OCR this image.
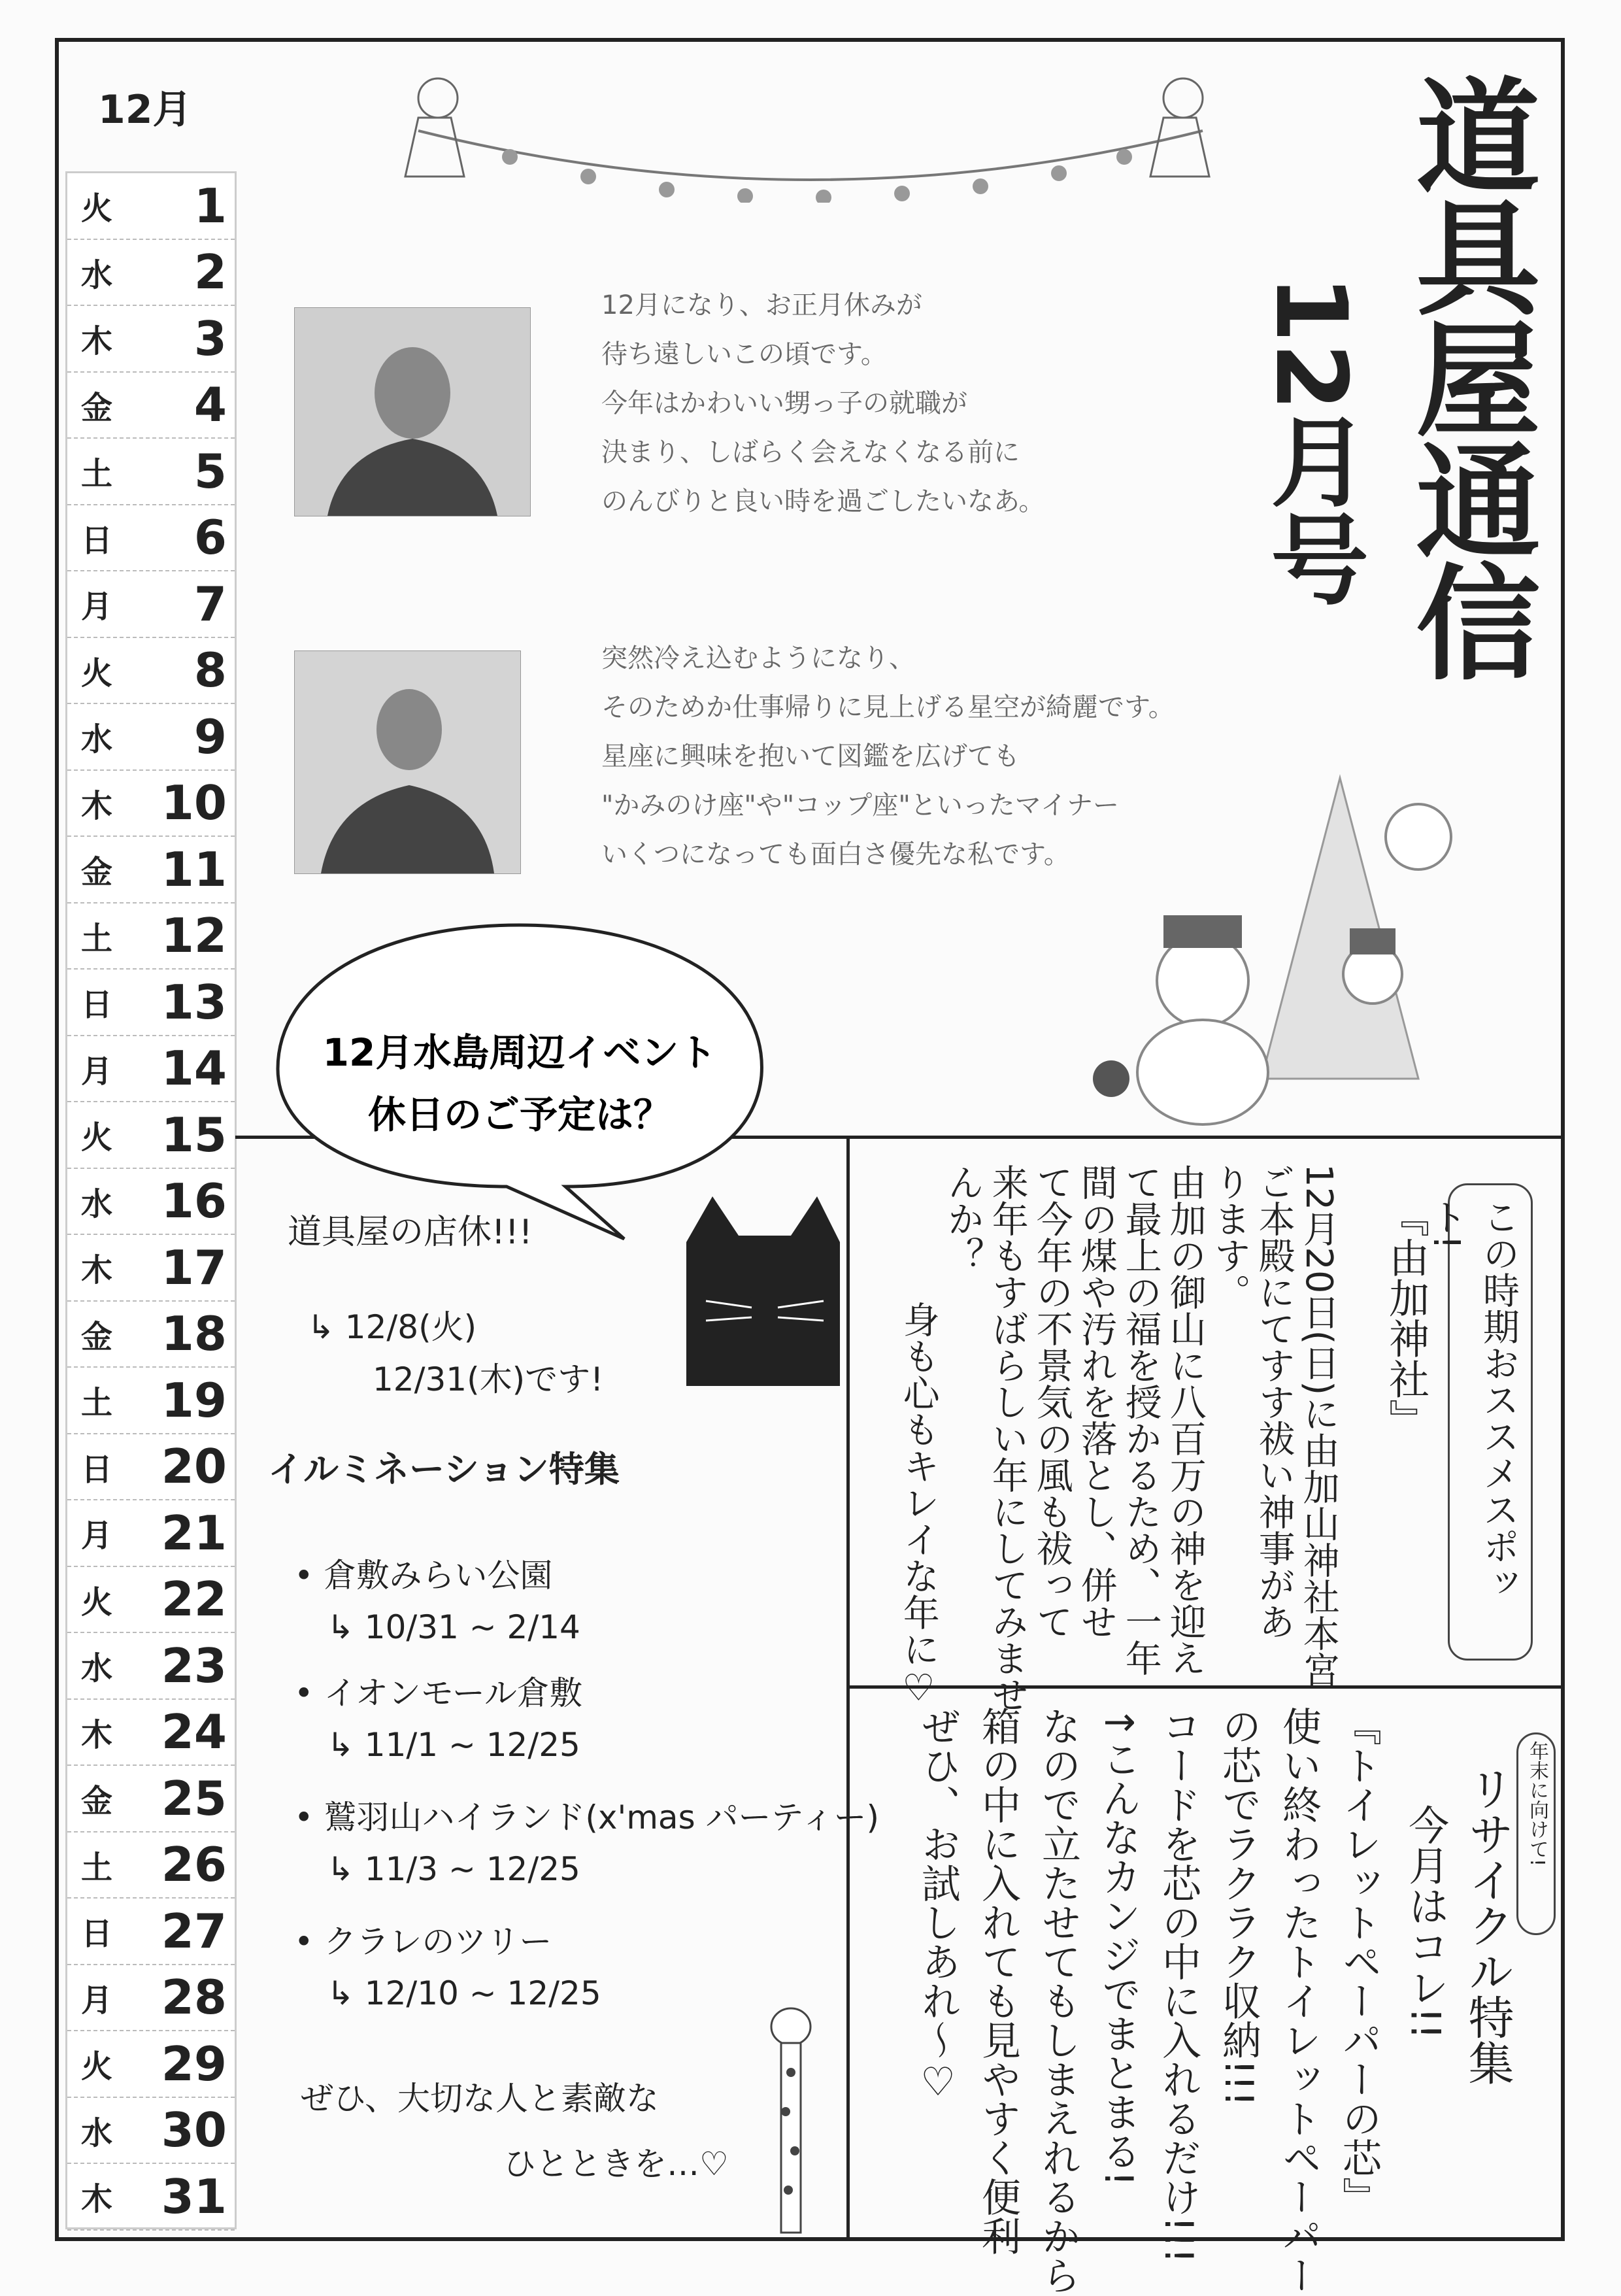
12月
火	1
水	2
木	3
金	4
土	5
日	6
月	7
火	8
水	9
木	10
金	11
土	12
日	13
月	14
火	15
水	16
木	17
金	18
土	19
日	20
月	21
火	22
水	23
木	24
金	25
土	26
日	27
月	28
火	29
水	30
木	31
道具屋通信
12月号
12月になり、お正月休みが
待ち遠しいこの頃です。
今年はかわいい甥っ子の就職が
決まり、しばらく会えなくなる前に
のんびりと良い時を過ごしたいなあ。
突然冷え込むようになり、
そのためか仕事帰りに見上げる星空が綺麗です。
星座に興味を抱いて図鑑を広げても
"かみのけ座"や"コップ座"といったマイナー
いくつになっても面白さ優先な私です。
12月水島周辺イベント
休日のご予定は？
道具屋の店休!!!
↳ 12/8(火)
12/31(木)です!
イルミネーション特集
• 倉敷みらい公園
↳ 10/31 ~ 2/14
• イオンモール倉敷
↳ 11/1 ~ 12/25
• 鷲羽山ハイランド(x'mas パーティー)
↳ 11/3 ~ 12/25
• クラレのツリー
↳ 12/10 ~ 12/25
ぜひ、大切な人と素敵な
ひとときを…♡
この時期おススメスポット!
『由加神社』
12月20日(日)に由加山神社本宮
ご本殿にてすす祓い神事があ
ります。
由加の御山に八百万の神を迎え
て最上の福を授かるため、一年
間の煤や汚れを落とし、併せ
て今年の不景気の風も祓って
来年もすばらしい年にしてみませ
んか？
身も心もキレイな年に♡
年末に向けて!
リサイクル特集
今月はコレ!!
『トイレットペーパーの芯』
使い終わったトイレットペーパー
の芯でラクラク収納!!!
コードを芯の中に入れるだけ!!!
↑こんなカンジでまとまる!
なので立たせてもしまえれるから
箱の中に入れても見やすく便利
ぜひ、お試しあれ〜♡
